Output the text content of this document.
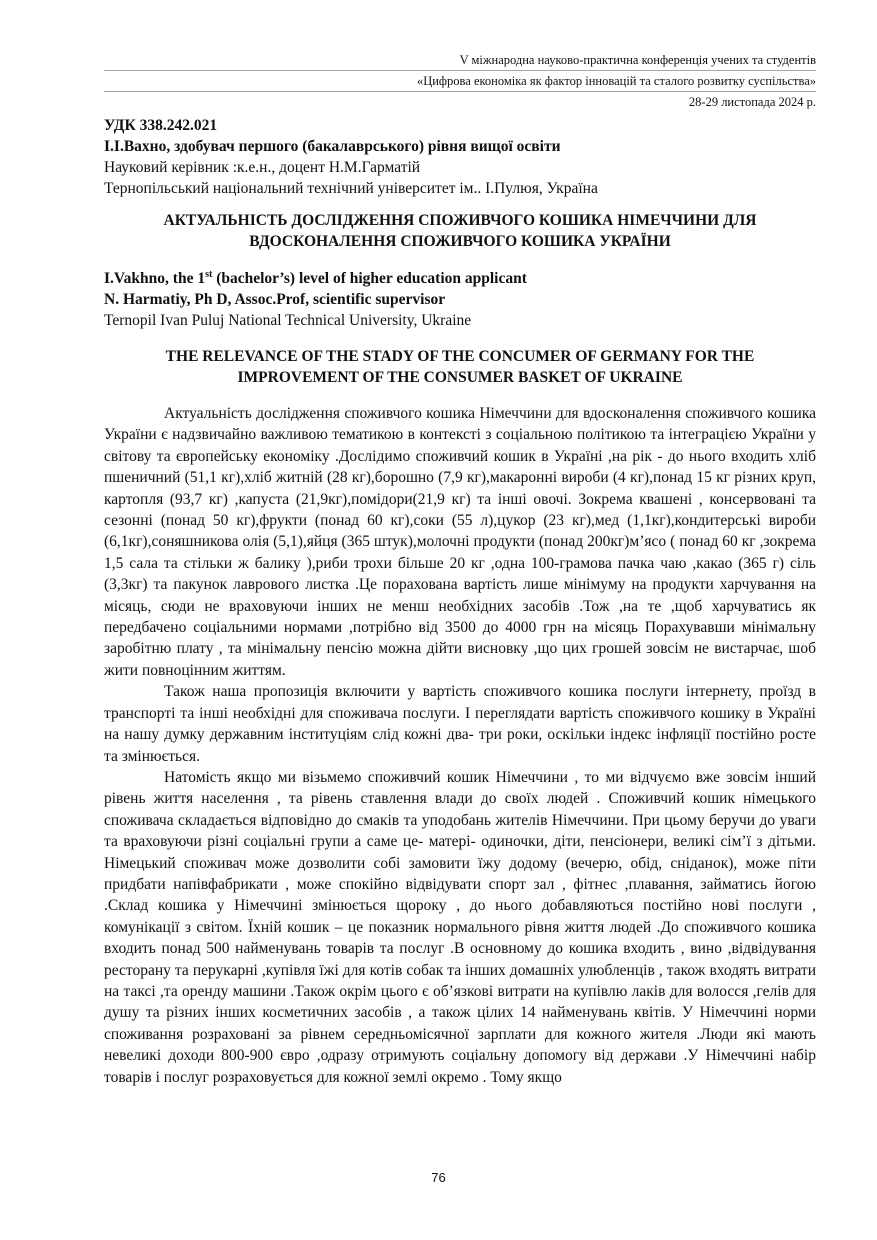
V міжнародна науково-практична конференція учених та студентів
«Цифрова економіка як фактор інновацій та сталого розвитку суспільства»
28-29 листопада 2024 р.
УДК 338.242.021
І.І.Вахно, здобувач першого (бакалаврського) рівня вищої освіти
Науковий керівник :к.е.н., доцент Н.М.Гарматій
Тернопільський національний технічний університет ім.. І.Пулюя, Україна
АКТУАЛЬНІСТЬ ДОСЛІДЖЕННЯ СПОЖИВЧОГО КОШИКА НІМЕЧЧИНИ ДЛЯ ВДОСКОНАЛЕННЯ СПОЖИВЧОГО КОШИКА УКРАЇНИ
I.Vakhno, the 1st (bachelor’s) level of higher education applicant
N. Harmatiy, Ph D, Assoc.Prof, scientific supervisor
Ternopil Ivan Puluj National Technical University, Ukraine
THE RELEVANCE OF THE STADY OF THE CONCUMER OF GERMANY FOR THE IMPROVEMENT OF THE CONSUMER BASKET OF UKRAINE

Актуальність дослідження споживчого кошика Німеччини для вдосконалення споживчого кошика України є надзвичайно важливою тематикою в контексті з соціальною політикою та інтеграцією України у світову та європейську економіку .Дослідимо споживчий кошик в Україні ,на рік - до нього входить хліб пшеничний (51,1 кг),хліб житній (28 кг),борошно (7,9 кг),макаронні вироби (4 кг),понад 15 кг різних круп, картопля (93,7 кг) ,капуста (21,9кг),помідори(21,9 кг) та інші овочі. Зокрема квашені , консервовані та сезонні (понад 50 кг),фрукти (понад 60 кг),соки (55 л),цукор (23 кг),мед (1,1кг),кондитерські вироби (6,1кг),соняшникова олія (5,1),яйця (365 штук),молочні продукти (понад 200кг)м’ясо ( понад 60 кг ,зокрема 1,5 сала та стільки ж балику ),риби трохи більше 20 кг ,одна 100-грамова пачка чаю ,какао (365 г) сіль (3,3кг) та пакунок лаврового листка .Це порахована вартість лише мінімуму на продукти харчування на місяць, сюди не враховуючи інших не менш необхідних засобів .Тож ,на те ,щоб харчуватись як передбачено соціальними нормами ,потрібно від 3500 до 4000 грн на місяць Порахувавши мінімальну заробітню плату , та мінімальну пенсію можна дійти висновку ,що цих грошей зовсім не вистарчає, шоб жити повноцінним життям.

Також наша пропозиція включити у вартість споживчого кошика послуги інтернету, проїзд в транспорті та інші необхідні для споживача послуги. І переглядати вартість споживчого кошику в Україні на нашу думку державним інституціям слід кожні два- три роки, оскільки індекс інфляції постійно росте та змінюється.

Натомість якщо ми візьмемо споживчий кошик Німеччини , то ми відчуємо вже зовсім інший рівень життя населення , та рівень ставлення влади до своїх людей . Споживчий кошик німецького споживача складається відповідно до смаків та уподобань жителів Німеччини. При цьому беручи до уваги та враховуючи різні соціальні групи а саме це- матері- одиночки, діти, пенсіонери, великі сім’ї з дітьми. Німецький споживач може дозволити собі замовити їжу додому (вечерю, обід, сніданок), може піти придбати напівфабрикати , може спокійно відвідувати спорт зал , фітнес ,плавання, займатись йогою .Склад кошика у Німеччині змінюється щороку , до нього добавляються постійно нові послуги , комунікації з світом. Їхній кошик – це показник нормального рівня життя людей .До споживчого кошика входить понад 500 найменувань товарів та послуг .В основному до кошика входить , вино ,відвідування ресторану та перукарні ,купівля їжі для котів собак та інших домашніх улюбленців , також входять витрати на таксі ,та оренду машини .Також окрім цього є об’язкові витрати на купівлю лаків для волосся ,гелів для душу та різних інших косметичних засобів , а також цілих 14 найменувань квітів. У Німеччині норми споживання розраховані за рівнем середньомісячної зарплати для кожного жителя .Люди які мають невеликі доходи 800-900 євро ,одразу отримують соціальну допомогу від держави .У Німеччині набір товарів і послуг розраховується для кожної землі окремо . Тому якщо

76
